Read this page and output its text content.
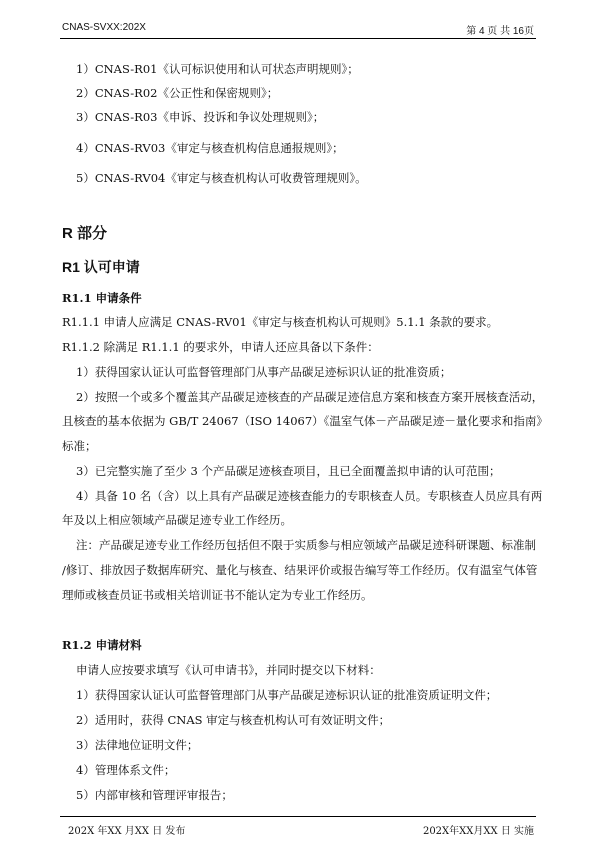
CNAS-SVXX:202X	第 4 页 共 16页
1）CNAS-R01《认可标识使用和认可状态声明规则》；
2）CNAS-R02《公正性和保密规则》；
3）CNAS-R03《申诉、投诉和争议处理规则》；
4）CNAS-RV03《审定与核查机构信息通报规则》；
5）CNAS-RV04《审定与核查机构认可收费管理规则》。
R 部分
R1 认可申请
R1.1 申请条件
R1.1.1 申请人应满足 CNAS-RV01《审定与核查机构认可规则》5.1.1 条款的要求。
R1.1.2 除满足 R1.1.1 的要求外，申请人还应具备以下条件：
1）获得国家认证认可监督管理部门从事产品碳足迹标识认证的批准资质；
2）按照一个或多个覆盖其产品碳足迹核查的产品碳足迹信息方案和核查方案开展核查活动，
且核查的基本依据为 GB/T 24067（ISO 14067）《温室气体－产品碳足迹－量化要求和指南》
标准；
3）已完整实施了至少 3 个产品碳足迹核查项目，且已全面覆盖拟申请的认可范围；
4）具备 10 名（含）以上具有产品碳足迹核查能力的专职核查人员。专职核查人员应具有两
年及以上相应领域产品碳足迹专业工作经历。
注：产品碳足迹专业工作经历包括但不限于实质参与相应领域产品碳足迹科研课题、标准制
/修订、排放因子数据库研究、量化与核查、结果评价或报告编写等工作经历。仅有温室气体管
理师或核查员证书或相关培训证书不能认定为专业工作经历。
R1.2 申请材料
申请人应按要求填写《认可申请书》，并同时提交以下材料：
1）获得国家认证认可监督管理部门从事产品碳足迹标识认证的批准资质证明文件；
2）适用时，获得 CNAS 审定与核查机构认可有效证明文件；
3）法律地位证明文件；
4）管理体系文件；
5）内部审核和管理评审报告；
202X 年XX 月XX 日 发布	202X年XX月XX 日 实施
